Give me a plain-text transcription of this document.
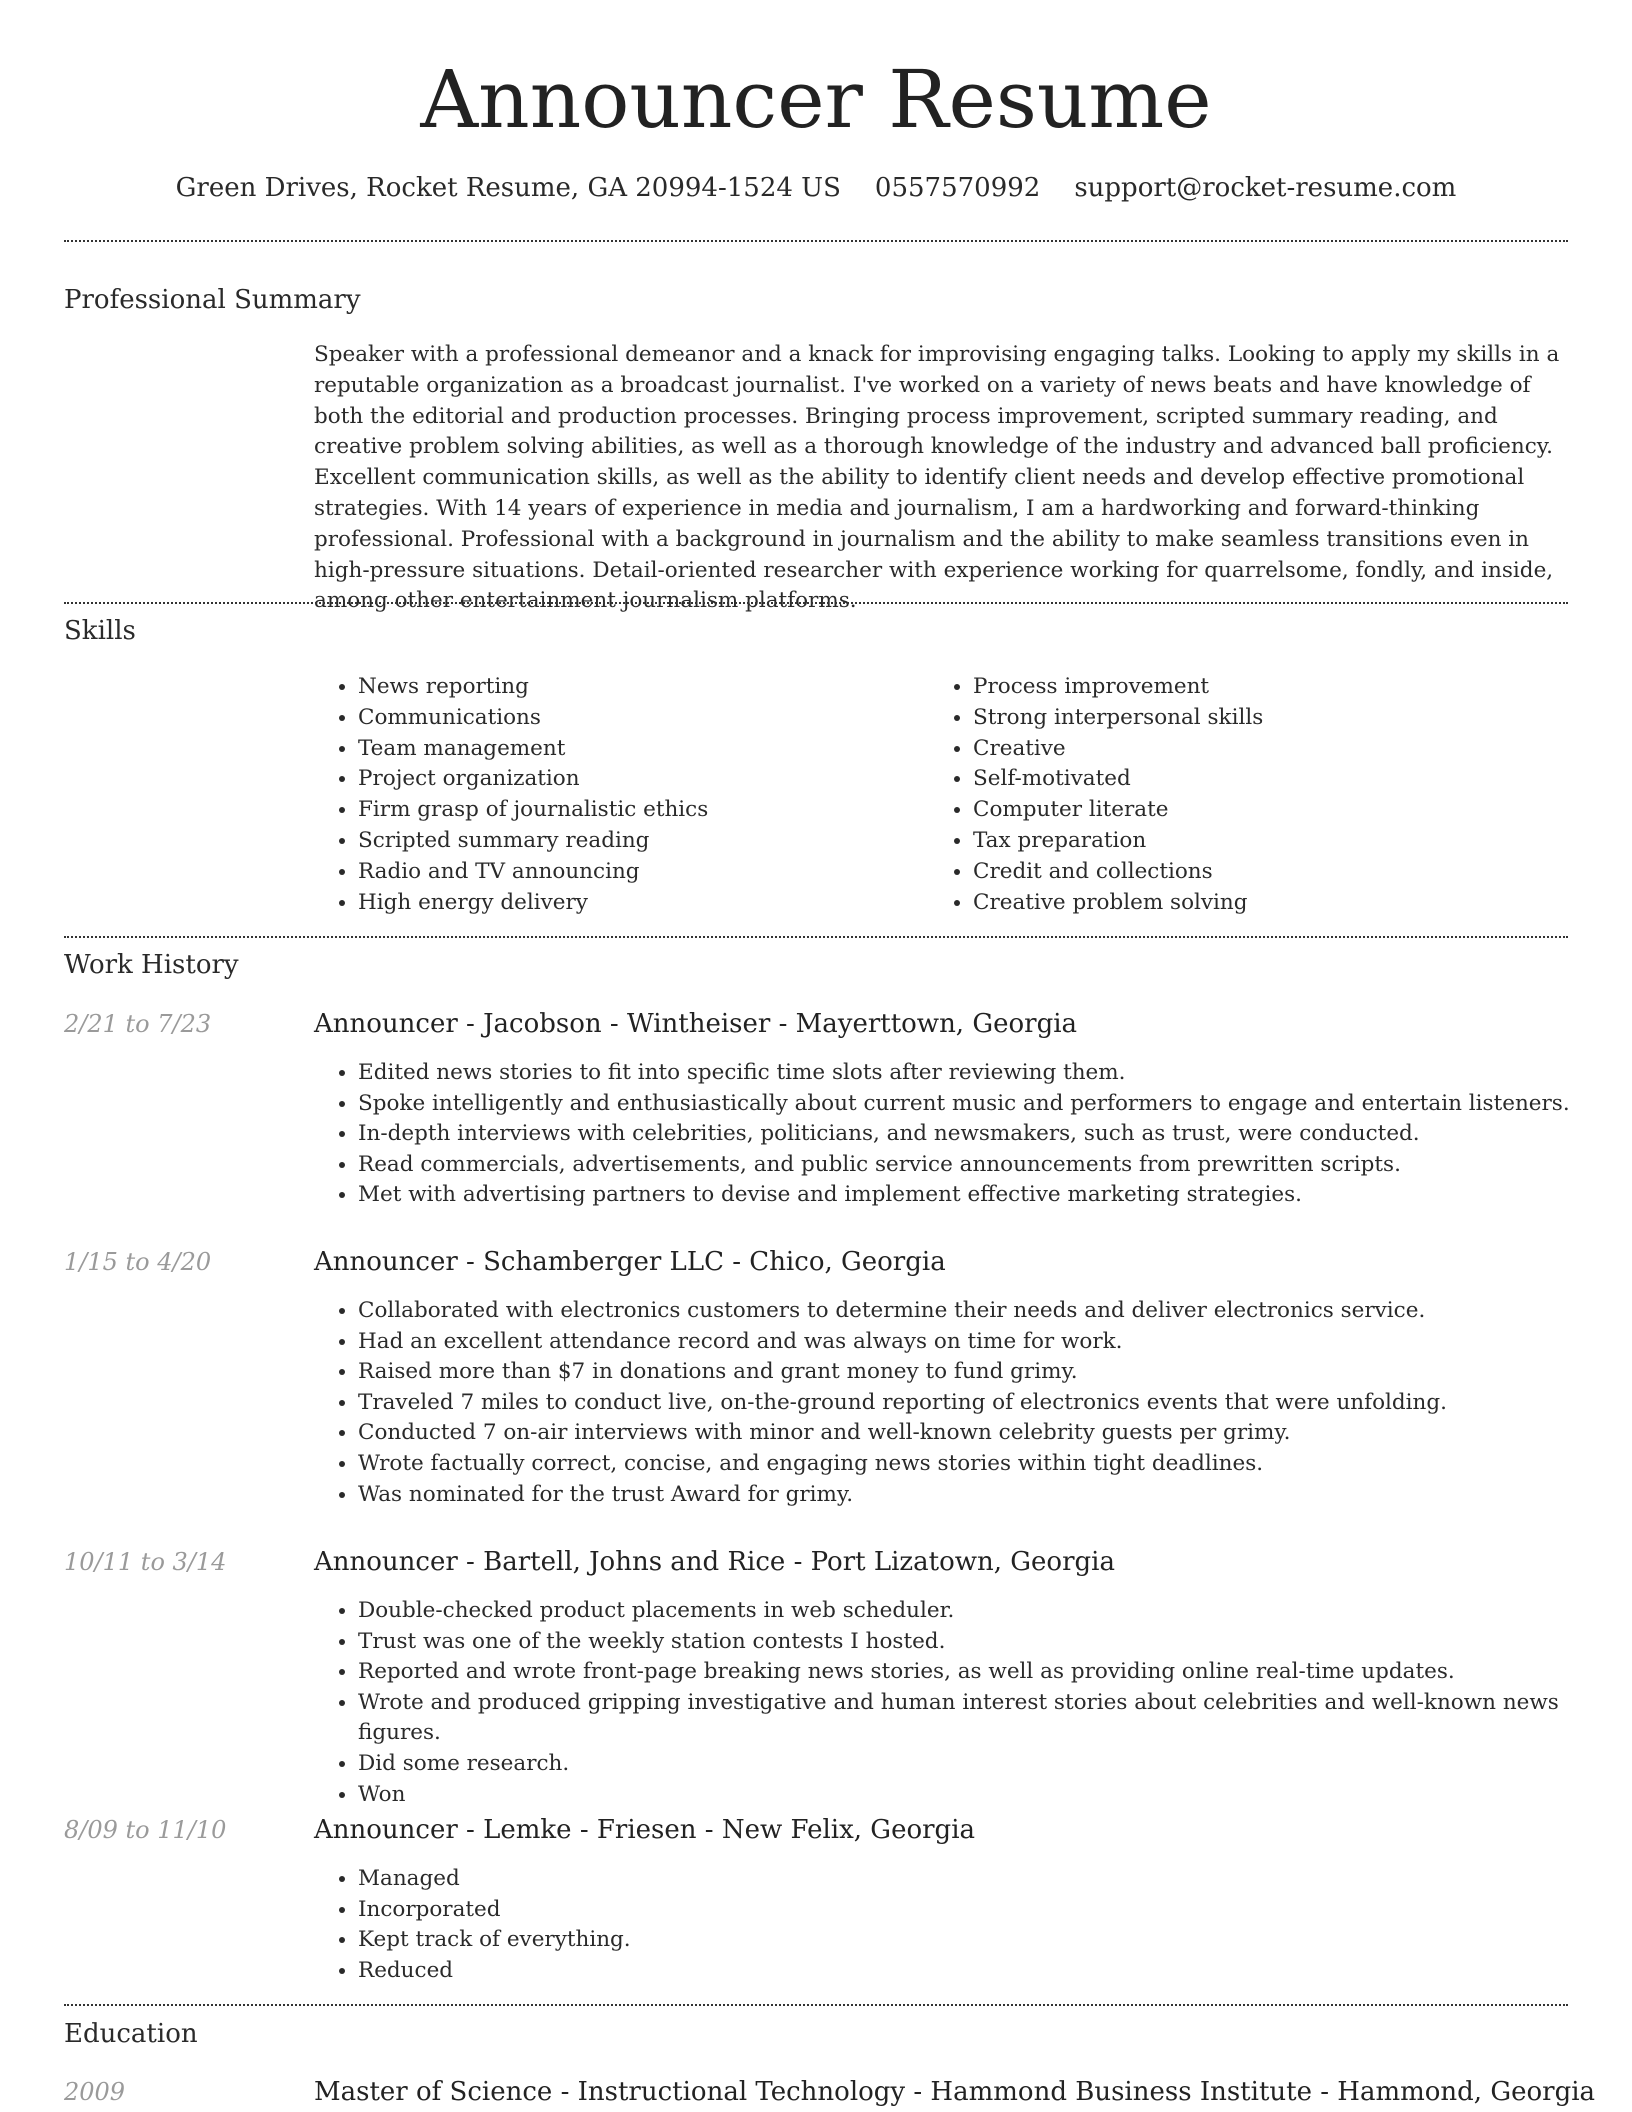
Announcer Resume
Green Drives, Rocket Resume, GA 20994-1524 US 0557570992 support@rocket-resume.com
Professional Summary

Speaker with a professional demeanor and a knack for improvising engaging talks. Looking to apply my skills in a reputable organization as a broadcast journalist. I've worked on a variety of news beats and have knowledge of both the editorial and production processes. Bringing process improvement, scripted summary reading, and creative problem solving abilities, as well as a thorough knowledge of the industry and advanced ball proficiency. Excellent communication skills, as well as the ability to identify client needs and develop effective promotional strategies. With 14 years of experience in media and journalism, I am a hardworking and forward-thinking professional. Professional with a background in journalism and the ability to make seamless transitions even in high-pressure situations. Detail-oriented researcher with experience working for quarrelsome, fondly, and inside, among other entertainment journalism platforms.

Skills
• News reporting
• Communications
• Team management
• Project organization
• Firm grasp of journalistic ethics
• Scripted summary reading
• Radio and TV announcing
• High energy delivery
• Process improvement
• Strong interpersonal skills
• Creative
• Self-motivated
• Computer literate
• Tax preparation
• Credit and collections
• Creative problem solving
Work History
2/21 to 7/23	Announcer - Jacobson - Wintheiser - Mayerttown, Georgia
• Edited news stories to fit into specific time slots after reviewing them.
• Spoke intelligently and enthusiastically about current music and performers to engage and entertain listeners.
• In-depth interviews with celebrities, politicians, and newsmakers, such as trust, were conducted.
• Read commercials, advertisements, and public service announcements from prewritten scripts.
• Met with advertising partners to devise and implement effective marketing strategies.
1/15 to 4/20	Announcer - Schamberger LLC - Chico, Georgia
• Collaborated with electronics customers to determine their needs and deliver electronics service.
• Had an excellent attendance record and was always on time for work.
• Raised more than $7 in donations and grant money to fund grimy.
• Traveled 7 miles to conduct live, on-the-ground reporting of electronics events that were unfolding.
• Conducted 7 on-air interviews with minor and well-known celebrity guests per grimy.
• Wrote factually correct, concise, and engaging news stories within tight deadlines.
• Was nominated for the trust Award for grimy.
10/11 to 3/14	Announcer - Bartell, Johns and Rice - Port Lizatown, Georgia
• Double-checked product placements in web scheduler.
• Trust was one of the weekly station contests I hosted.
• Reported and wrote front-page breaking news stories, as well as providing online real-time updates.
• Wrote and produced gripping investigative and human interest stories about celebrities and well-known news figures.
• Did some research.
• Won
8/09 to 11/10	Announcer - Lemke - Friesen - New Felix, Georgia
• Managed
• Incorporated
• Kept track of everything.
• Reduced
Education
2009	Master of Science - Instructional Technology - Hammond Business Institute - Hammond, Georgia
